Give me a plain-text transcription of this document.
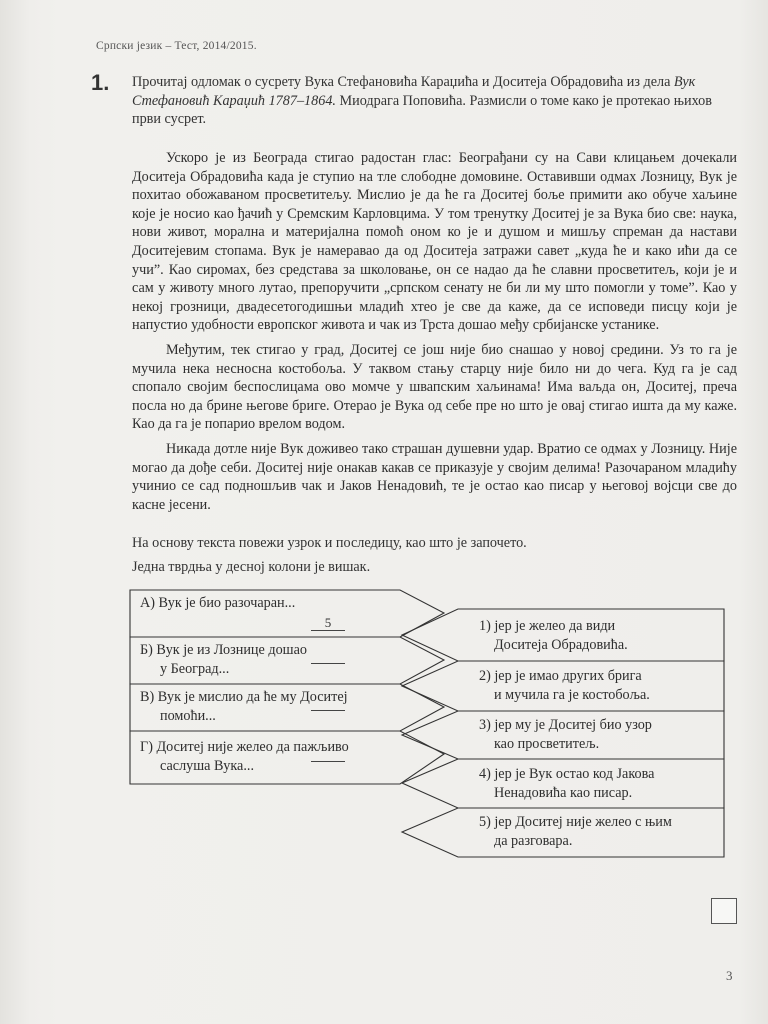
Српски језик – Тест, 2014/2015.
1. Прочитај одломак о сусрету Вука Стефановића Караџића и Доситеја Обрадовића из дела Вук Стефановић Караџић 1787–1864. Миодрага Поповића. Размисли о томе како је протекао њихов први сусрет.

Ускоро је из Београда стигао радостан глас: Београђани су на Сави клицањем дочекали Доситеја Обрадовића када је ступио на тле слободне домовине. Оставивши одмах Лозницу, Вук је похитао обожаваном просветитељу. Мислио је да ће га Доситеј боље примити ако обуче хаљине које је носио као ђачић у Сремским Карловцима. У том тренутку Доситеј је за Вука био све: наука, нови живот, морална и материјална помоћ оном ко је и душом и мишљу спреман да настави Доситејевим стопама. Вук је намеравао да од Доситеја затражи савет „куда ће и како ићи да се учи”. Као сиромах, без средстава за школовање, он се надао да ће славни просветитељ, који је и сам у животу много лутао, препоручити „српском сенату не би ли му што помогли у томе”. Као у некој грозници, двадесетогодишњи младић хтео је све да каже, да се исповеди писцу који је напустио удобности европског живота и чак из Трста дошао међу србијанске устанике.

Међутим, тек стигао у град, Доситеј се још није био снашао у новој средини. Уз то га је мучила нека несносна костобоља. У таквом стању старцу није било ни до чега. Куд га је сад спопало својим беспослицама ово момче у швапским хаљинама! Има ваљда он, Доситеј, преча посла но да брине његове бриге. Отерао је Вука од себе пре но што је овај стигао ишта да му каже. Као да га је попарио врелом водом.

Никада дотле није Вук доживео тако страшан душевни удар. Вратио се одмах у Лозницу. Није могао да дође себи. Доситеј није онакав какав се приказује у својим делима! Разочараном младићу учинио се сад подношљив чак и Јаков Ненадовић, те је остао као писар у његовој војсци све до касне јесени.

На основу текста повежи узрок и последицу, као што је започето.
Једна тврдња у десној колони је вишак.
А) Вук је био разочаран...
5
Б) Вук је из Лознице дошао
у Београд...
В) Вук је мислио да ће му Доситеј
помоћи...
Г) Доситеј није желео да пажљиво
саслуша Вука...
1) јер је желео да види
Доситеја Обрадовића.
2) јер је имао других брига
и мучила га је костобоља.
3) јер му је Доситеј био узор
као просветитељ.
4) јер је Вук остао код Јакова
Ненадовића као писар.
5) јер Доситеј није желео с њим
да разговара.
3
